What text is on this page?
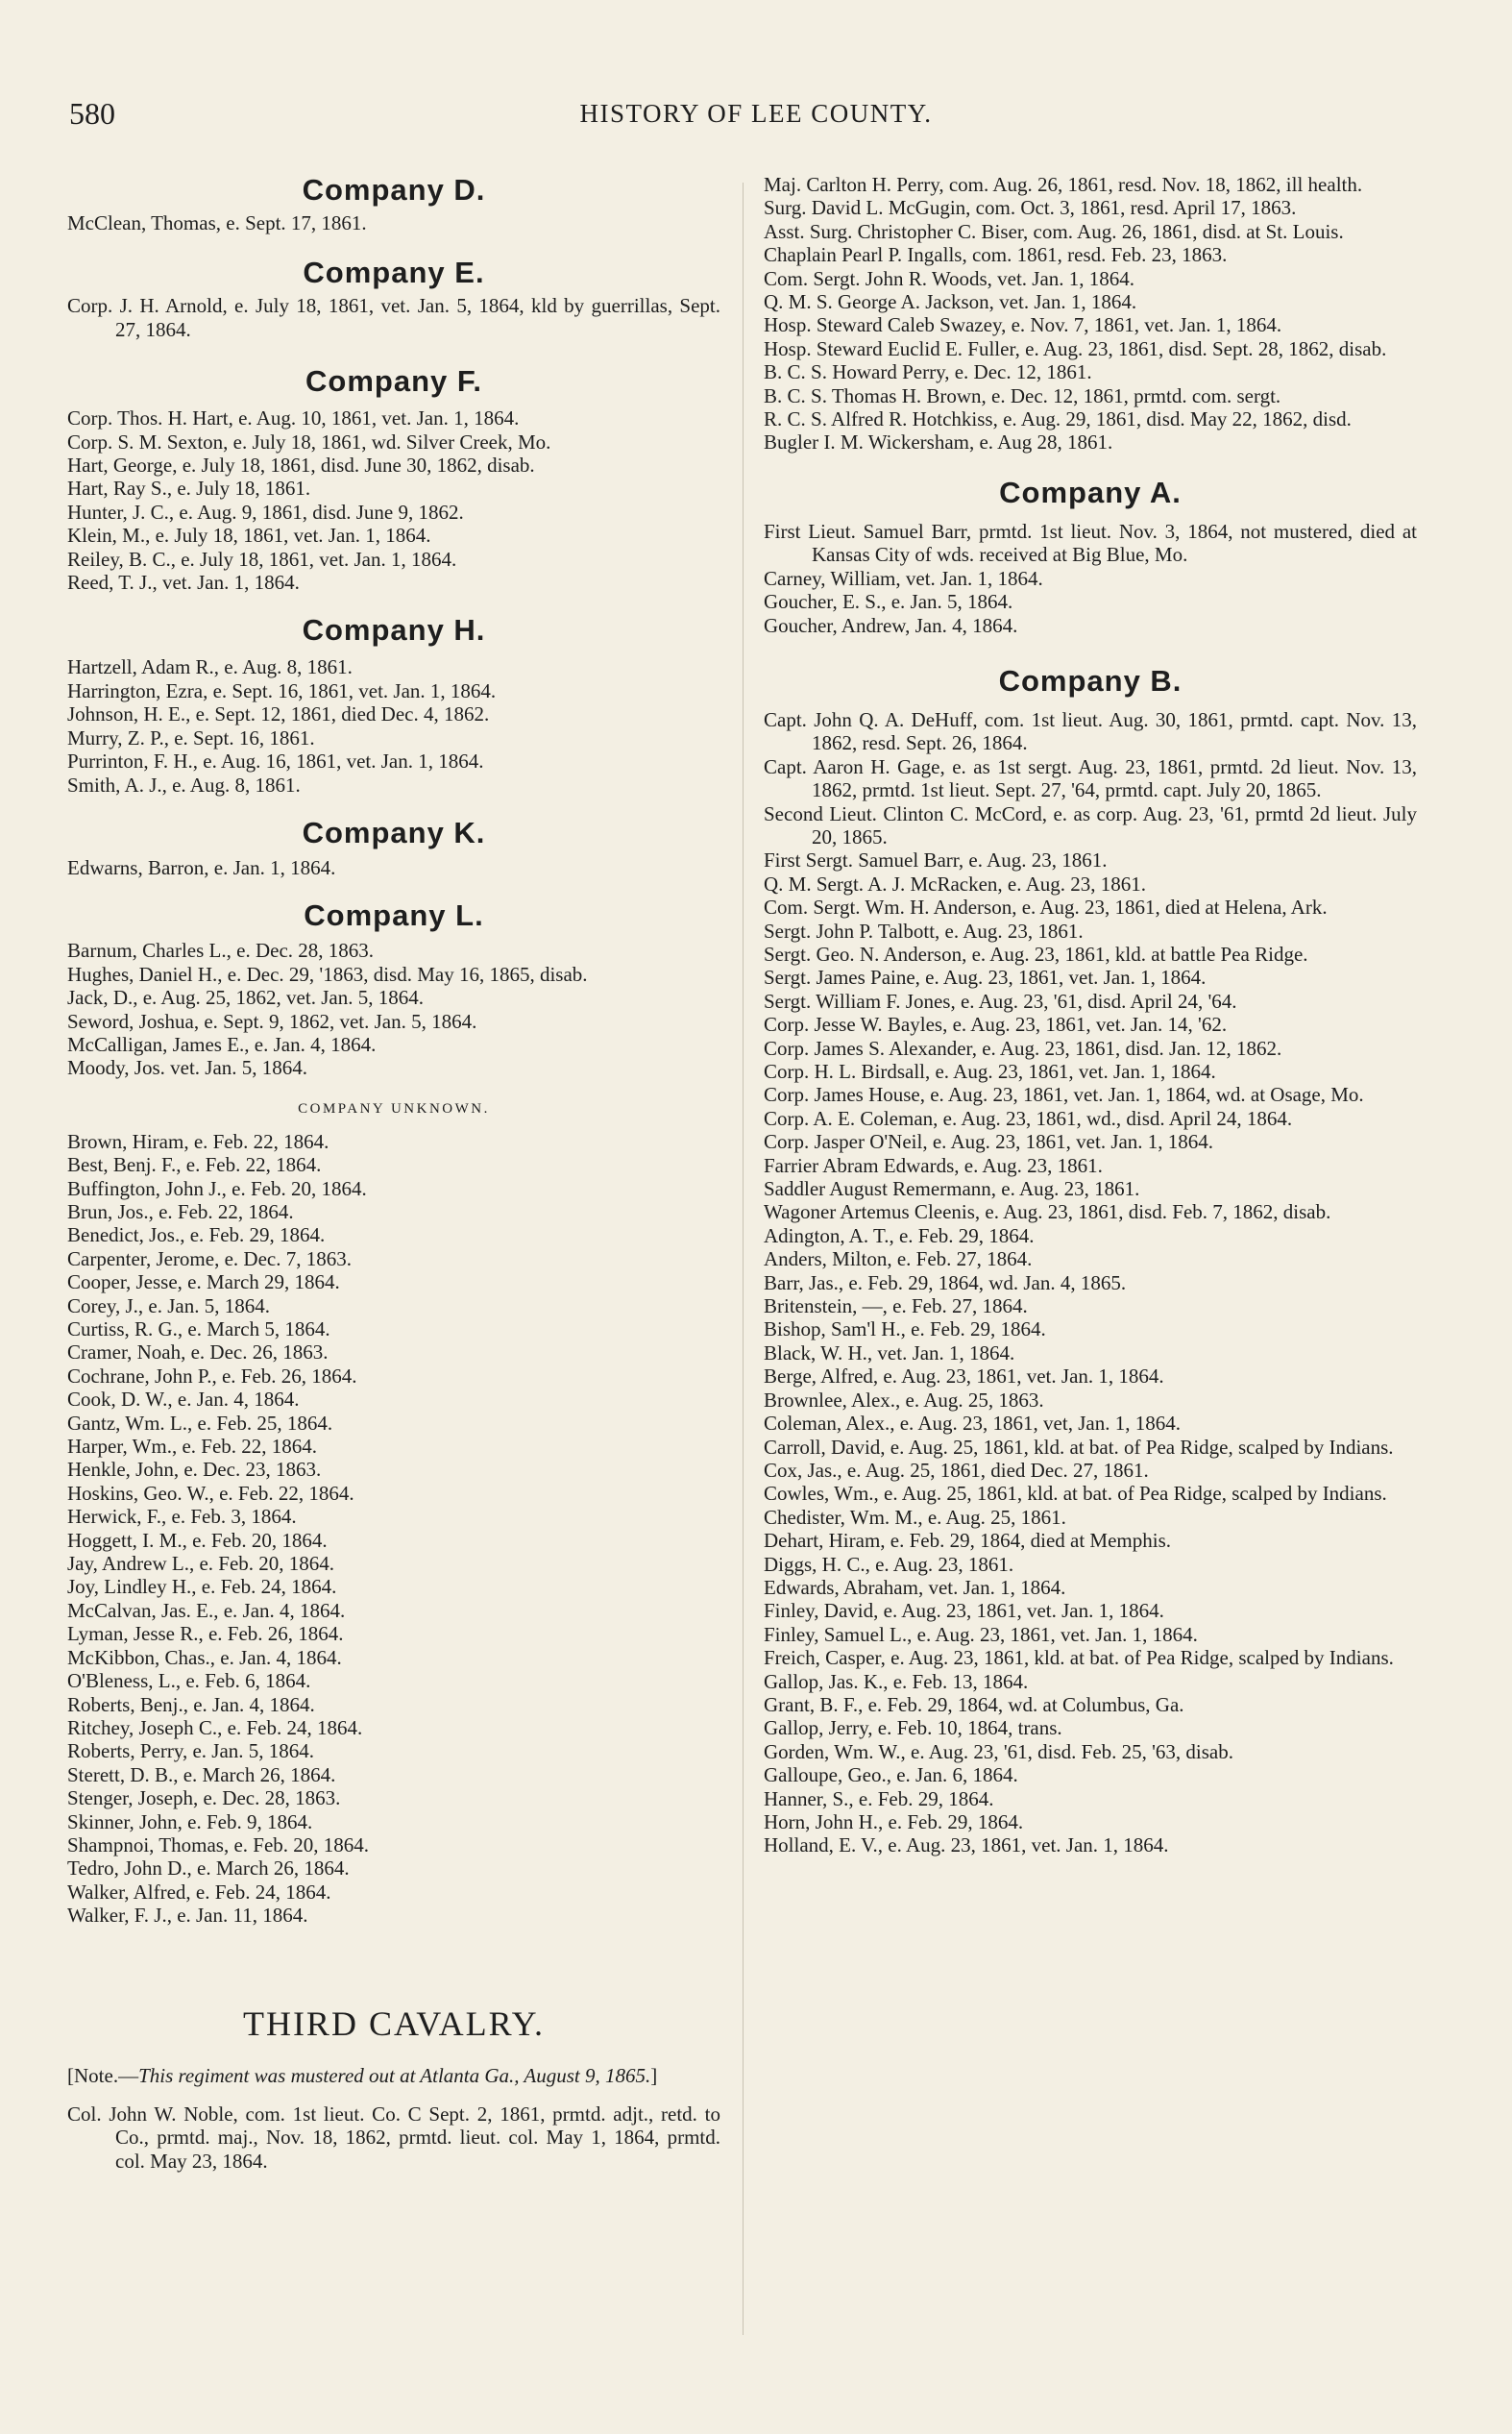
580	HISTORY OF LEE COUNTY.

Company D.

McClean, Thomas, e. Sept. 17, 1861.

Company E.

Corp. J. H. Arnold, e. July 18, 1861, vet. Jan. 5, 1864, kld by guerrillas, Sept. 27, 1864.

Company F.

Corp. Thos. H. Hart, e. Aug. 10, 1861, vet. Jan. 1, 1864.

Corp. S. M. Sexton, e. July 18, 1861, wd. Silver Creek, Mo.

Hart, George, e. July 18, 1861, disd. June 30, 1862, disab.

Hart, Ray S., e. July 18, 1861.

Hunter, J. C., e. Aug. 9, 1861, disd. June 9, 1862.

Klein, M., e. July 18, 1861, vet. Jan. 1, 1864.

Reiley, B. C., e. July 18, 1861, vet. Jan. 1, 1864.

Reed, T. J., vet. Jan. 1, 1864.

Company H.

Hartzell, Adam R., e. Aug. 8, 1861.

Harrington, Ezra, e. Sept. 16, 1861, vet. Jan. 1, 1864.

Johnson, H. E., e. Sept. 12, 1861, died Dec. 4, 1862.

Murry, Z. P., e. Sept. 16, 1861.

Purrinton, F. H., e. Aug. 16, 1861, vet. Jan. 1, 1864.

Smith, A. J., e. Aug. 8, 1861.

Company K.

Edwarns, Barron, e. Jan. 1, 1864.

Company L.

Barnum, Charles L., e. Dec. 28, 1863.

Hughes, Daniel H., e. Dec. 29, '1863, disd. May 16, 1865, disab.

Jack, D., e. Aug. 25, 1862, vet. Jan. 5, 1864.

Seword, Joshua, e. Sept. 9, 1862, vet. Jan. 5, 1864.

McCalligan, James E., e. Jan. 4, 1864.

Moody, Jos. vet. Jan. 5, 1864.

COMPANY UNKNOWN.

Brown, Hiram, e. Feb. 22, 1864.

Best, Benj. F., e. Feb. 22, 1864.

Buffington, John J., e. Feb. 20, 1864.

Brun, Jos., e. Feb. 22, 1864.

Benedict, Jos., e. Feb. 29, 1864.

Carpenter, Jerome, e. Dec. 7, 1863.

Cooper, Jesse, e. March 29, 1864.

Corey, J., e. Jan. 5, 1864.

Curtiss, R. G., e. March 5, 1864.

Cramer, Noah, e. Dec. 26, 1863.

Cochrane, John P., e. Feb. 26, 1864.

Cook, D. W., e. Jan. 4, 1864.

Gantz, Wm. L., e. Feb. 25, 1864.

Harper, Wm., e. Feb. 22, 1864.

Henkle, John, e. Dec. 23, 1863.

Hoskins, Geo. W., e. Feb. 22, 1864.

Herwick, F., e. Feb. 3, 1864.

Hoggett, I. M., e. Feb. 20, 1864.

Jay, Andrew L., e. Feb. 20, 1864.

Joy, Lindley H., e. Feb. 24, 1864.

McCalvan, Jas. E., e. Jan. 4, 1864.

Lyman, Jesse R., e. Feb. 26, 1864.

McKibbon, Chas., e. Jan. 4, 1864.

O'Bleness, L., e. Feb. 6, 1864.

Roberts, Benj., e. Jan. 4, 1864.

Ritchey, Joseph C., e. Feb. 24, 1864.

Roberts, Perry, e. Jan. 5, 1864.

Sterett, D. B., e. March 26, 1864.

Stenger, Joseph, e. Dec. 28, 1863.

Skinner, John, e. Feb. 9, 1864.

Shampnoi, Thomas, e. Feb. 20, 1864.

Tedro, John D., e. March 26, 1864.

Walker, Alfred, e. Feb. 24, 1864.

Walker, F. J., e. Jan. 11, 1864.

THIRD CAVALRY.

[Note.—This regiment was mustered out at Atlanta Ga., August 9, 1865.]

Col. John W. Noble, com. 1st lieut. Co. C Sept. 2, 1861, prmtd. adjt., retd. to Co., prmtd. maj., Nov. 18, 1862, prmtd. lieut. col. May 1, 1864, prmtd. col. May 23, 1864.

Maj. Carlton H. Perry, com. Aug. 26, 1861, resd. Nov. 18, 1862, ill health.

Surg. David L. McGugin, com. Oct. 3, 1861, resd. April 17, 1863.

Asst. Surg. Christopher C. Biser, com. Aug. 26, 1861, disd. at St. Louis.

Chaplain Pearl P. Ingalls, com. 1861, resd. Feb. 23, 1863.

Com. Sergt. John R. Woods, vet. Jan. 1, 1864.

Q. M. S. George A. Jackson, vet. Jan. 1, 1864.

Hosp. Steward Caleb Swazey, e. Nov. 7, 1861, vet. Jan. 1, 1864.

Hosp. Steward Euclid E. Fuller, e. Aug. 23, 1861, disd. Sept. 28, 1862, disab.

B. C. S. Howard Perry, e. Dec. 12, 1861.

B. C. S. Thomas H. Brown, e. Dec. 12, 1861, prmtd. com. sergt.

R. C. S. Alfred R. Hotchkiss, e. Aug. 29, 1861, disd. May 22, 1862, disd.

Bugler I. M. Wickersham, e. Aug 28, 1861.

Company A.

First Lieut. Samuel Barr, prmtd. 1st lieut. Nov. 3, 1864, not mustered, died at Kansas City of wds. received at Big Blue, Mo.

Carney, William, vet. Jan. 1, 1864.

Goucher, E. S., e. Jan. 5, 1864.

Goucher, Andrew, Jan. 4, 1864.

Company B.

Capt. John Q. A. DeHuff, com. 1st lieut. Aug. 30, 1861, prmtd. capt. Nov. 13, 1862, resd. Sept. 26, 1864.

Capt. Aaron H. Gage, e. as 1st sergt. Aug. 23, 1861, prmtd. 2d lieut. Nov. 13, 1862, prmtd. 1st lieut. Sept. 27, '64, prmtd. capt. July 20, 1865.

Second Lieut. Clinton C. McCord, e. as corp. Aug. 23, '61, prmtd 2d lieut. July 20, 1865.

First Sergt. Samuel Barr, e. Aug. 23, 1861.

Q. M. Sergt. A. J. McRacken, e. Aug. 23, 1861.

Com. Sergt. Wm. H. Anderson, e. Aug. 23, 1861, died at Helena, Ark.

Sergt. John P. Talbott, e. Aug. 23, 1861.

Sergt. Geo. N. Anderson, e. Aug. 23, 1861, kld. at battle Pea Ridge.

Sergt. James Paine, e. Aug. 23, 1861, vet. Jan. 1, 1864.

Sergt. William F. Jones, e. Aug. 23, '61, disd. April 24, '64.

Corp. Jesse W. Bayles, e. Aug. 23, 1861, vet. Jan. 14, '62.

Corp. James S. Alexander, e. Aug. 23, 1861, disd. Jan. 12, 1862.

Corp. H. L. Birdsall, e. Aug. 23, 1861, vet. Jan. 1, 1864.

Corp. James House, e. Aug. 23, 1861, vet. Jan. 1, 1864, wd. at Osage, Mo.

Corp. A. E. Coleman, e. Aug. 23, 1861, wd., disd. April 24, 1864.

Corp. Jasper O'Neil, e. Aug. 23, 1861, vet. Jan. 1, 1864.

Farrier Abram Edwards, e. Aug. 23, 1861.

Saddler August Remermann, e. Aug. 23, 1861.

Wagoner Artemus Cleenis, e. Aug. 23, 1861, disd. Feb. 7, 1862, disab.

Adington, A. T., e. Feb. 29, 1864.

Anders, Milton, e. Feb. 27, 1864.

Barr, Jas., e. Feb. 29, 1864, wd. Jan. 4, 1865.

Britenstein, —, e. Feb. 27, 1864.

Bishop, Sam'l H., e. Feb. 29, 1864.

Black, W. H., vet. Jan. 1, 1864.

Berge, Alfred, e. Aug. 23, 1861, vet. Jan. 1, 1864.

Brownlee, Alex., e. Aug. 25, 1863.

Coleman, Alex., e. Aug. 23, 1861, vet, Jan. 1, 1864.

Carroll, David, e. Aug. 25, 1861, kld. at bat. of Pea Ridge, scalped by Indians.

Cox, Jas., e. Aug. 25, 1861, died Dec. 27, 1861.

Cowles, Wm., e. Aug. 25, 1861, kld. at bat. of Pea Ridge, scalped by Indians.

Chedister, Wm. M., e. Aug. 25, 1861.

Dehart, Hiram, e. Feb. 29, 1864, died at Memphis.

Diggs, H. C., e. Aug. 23, 1861.

Edwards, Abraham, vet. Jan. 1, 1864.

Finley, David, e. Aug. 23, 1861, vet. Jan. 1, 1864.

Finley, Samuel L., e. Aug. 23, 1861, vet. Jan. 1, 1864.

Freich, Casper, e. Aug. 23, 1861, kld. at bat. of Pea Ridge, scalped by Indians.

Gallop, Jas. K., e. Feb. 13, 1864.

Grant, B. F., e. Feb. 29, 1864, wd. at Columbus, Ga.

Gallop, Jerry, e. Feb. 10, 1864, trans.

Gorden, Wm. W., e. Aug. 23, '61, disd. Feb. 25, '63, disab.

Galloupe, Geo., e. Jan. 6, 1864.

Hanner, S., e. Feb. 29, 1864.

Horn, John H., e. Feb. 29, 1864.

Holland, E. V., e. Aug. 23, 1861, vet. Jan. 1, 1864.
